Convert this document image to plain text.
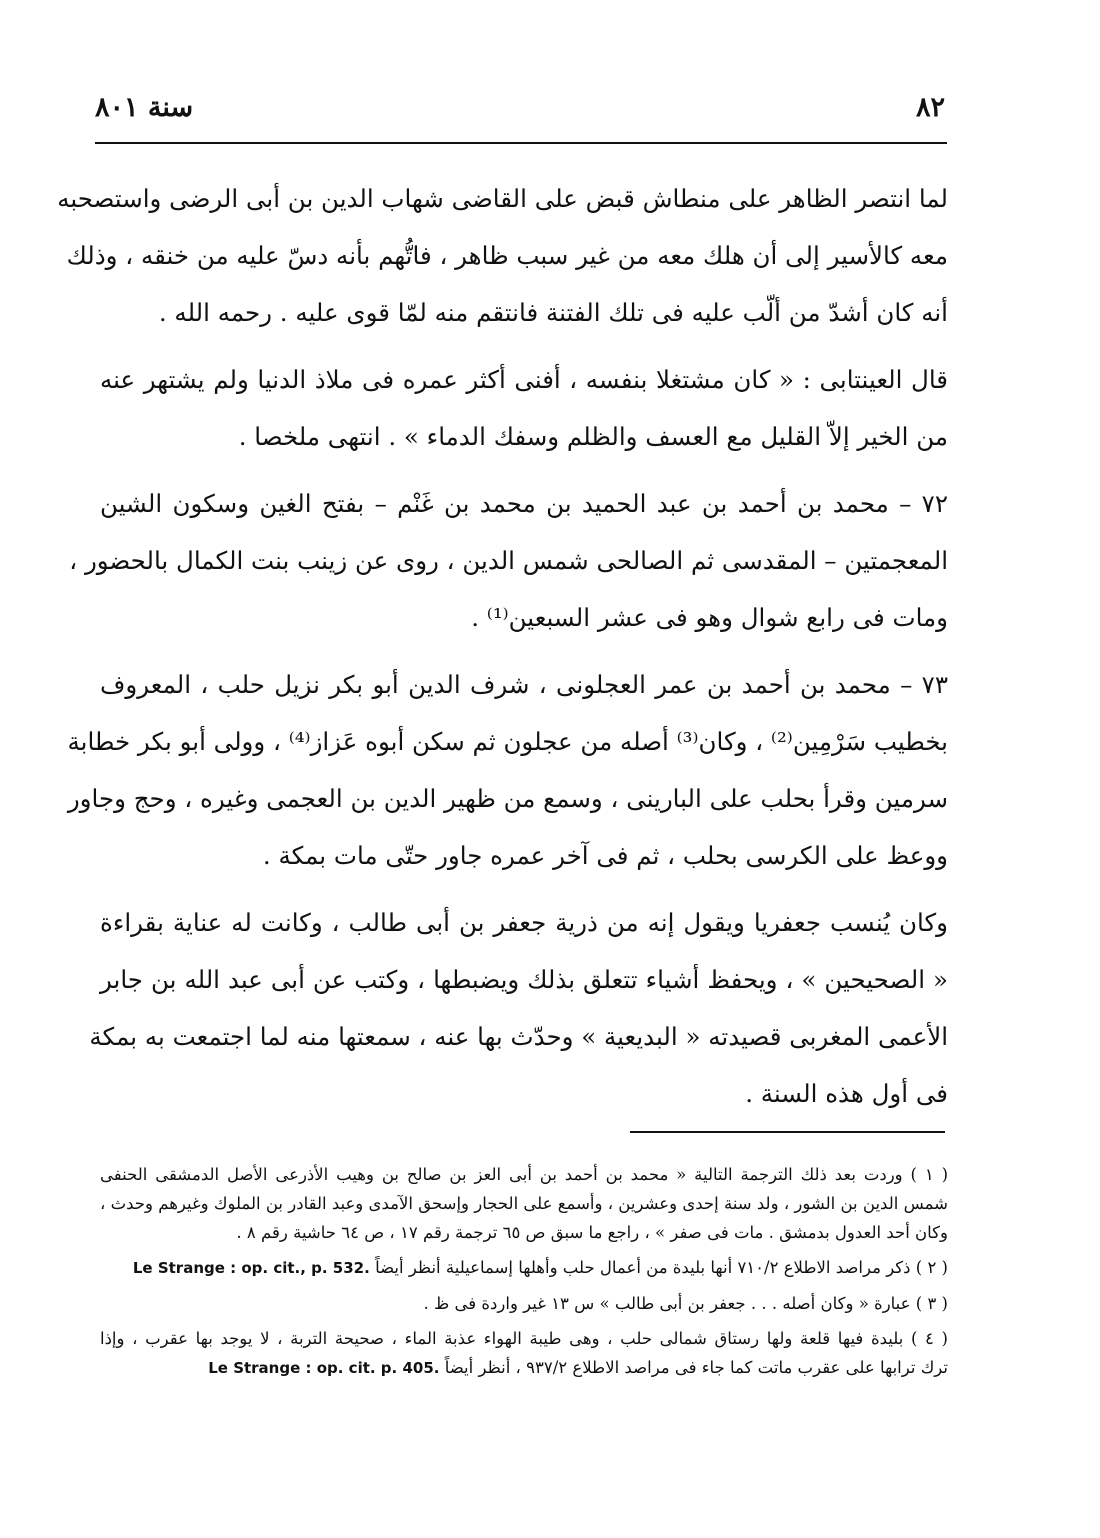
٨٢
سنة ٨٠١
لما انتصر الظاهر على منطاش قبض على القاضى شهاب الدين بن أبى الرضى واستصحبه
معه كالأسير إلى أن هلك معه من غير سبب ظاهر ، فاتُّهم بأنه دسّ عليه من خنقه ، وذلك
أنه كان أشدّ من ألّب عليه فى تلك الفتنة فانتقم منه لمّا قوى عليه . رحمه الله .
قال العينتابى : « كان مشتغلا بنفسه ، أفنى أكثر عمره فى ملاذ الدنيا ولم يشتهر عنه
من الخير إلاّ القليل مع العسف والظلم وسفك الدماء » . انتهى ملخصا .
٧٢ – محمد بن أحمد بن عبد الحميد بن محمد بن غَنْم – بفتح الغين وسكون الشين
المعجمتين – المقدسى ثم الصالحى شمس الدين ، روى عن زينب بنت الكمال بالحضور ،
ومات فى رابع شوال وهو فى عشر السبعين⁽¹⁾ .
٧٣ – محمد بن أحمد بن عمر العجلونى ، شرف الدين أبو بكر نزيل حلب ، المعروف
بخطيب سَرْمِين⁽²⁾ ، وكان⁽³⁾ أصله من عجلون ثم سكن أبوه عَزاز⁽⁴⁾ ، وولى أبو بكر خطابة
سرمين وقرأ بحلب على البارينى ، وسمع من ظهير الدين بن العجمى وغيره ، وحج وجاور
ووعظ على الكرسى بحلب ، ثم فى آخر عمره جاور حتّى مات بمكة .
وكان يُنسب جعفريا ويقول إنه من ذرية جعفر بن أبى طالب ، وكانت له عناية بقراءة
« الصحيحين » ، ويحفظ أشياء تتعلق بذلك ويضبطها ، وكتب عن أبى عبد الله بن جابر
الأعمى المغربى قصيدته « البديعية » وحدّث بها عنه ، سمعتها منه لما اجتمعت به بمكة
فى أول هذه السنة .
( ١ ) وردت بعد ذلك الترجمة التالية « محمد بن أحمد بن أبى العز بن صالح بن وهيب الأذرعى الأصل الدمشقى الحنفى
شمس الدين بن الشور ، ولد سنة إحدى وعشرين ، وأسمع على الحجار وإسحق الآمدى وعبد القادر بن الملوك وغيرهم وحدث ،
وكان أحد العدول بدمشق . مات فى صفر » ، راجع ما سبق ص ٦٥ ترجمة رقم ١٧ ، ص ٦٤ حاشية رقم ٨ .
( ٢ ) ذكر مراصد الاطلاع ٧١٠/٢ أنها بليدة من أعمال حلب وأهلها إسماعيلية أنظر أيضاً Le Strange : op. cit., p. 532.
( ٣ ) عبارة « وكان أصله . . . جعفر بن أبى طالب » س ١٣ غير واردة فى ظ .
( ٤ ) بليدة فيها قلعة ولها رستاق شمالى حلب ، وهى طيبة الهواء عذبة الماء ، صحيحة التربة ، لا يوجد بها عقرب ، وإذا
ترك ترابها على عقرب ماتت كما جاء فى مراصد الاطلاع ٩٣٧/٢ ، أنظر أيضاً Le Strange : op. cit. p. 405.
